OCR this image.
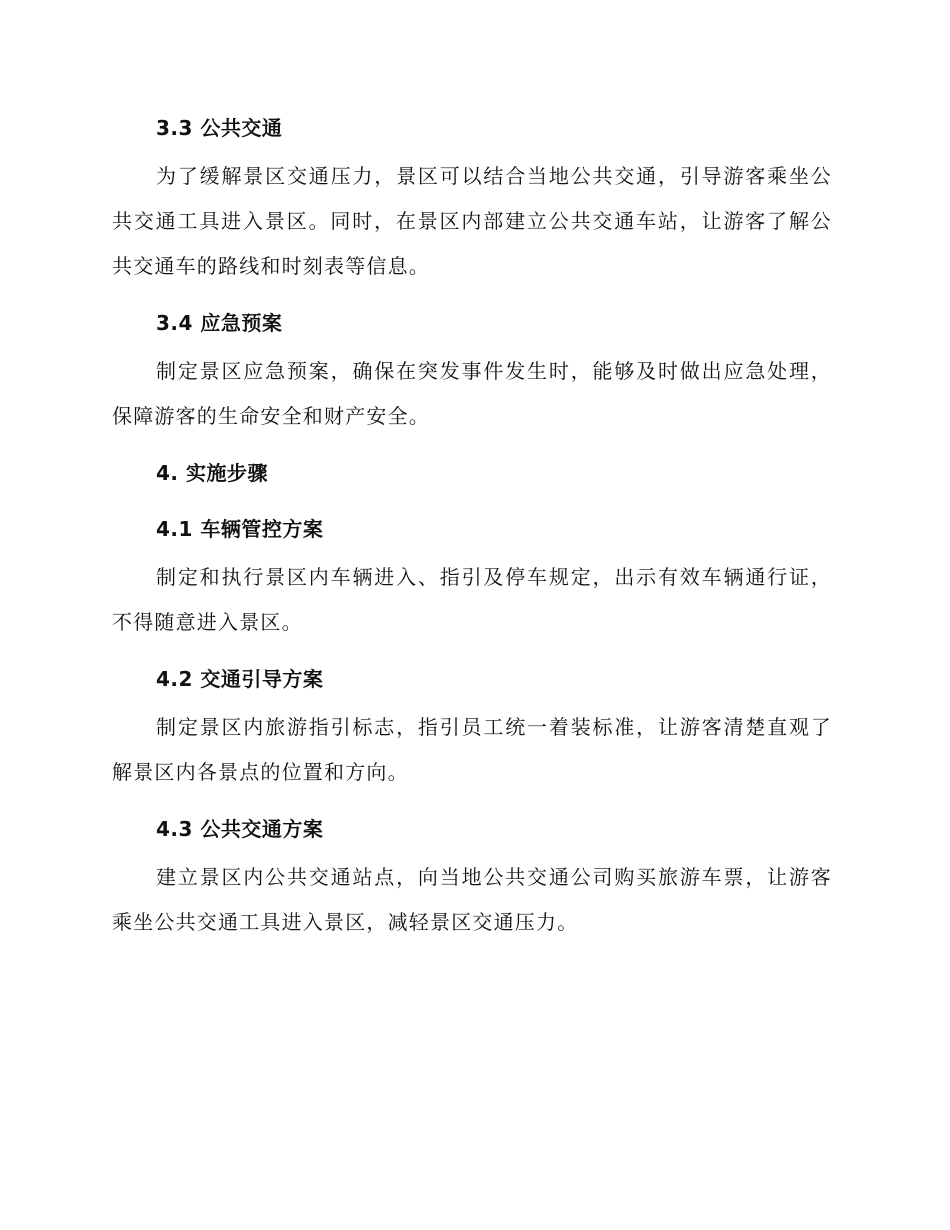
3.3 公共交通

为了缓解景区交通压力，景区可以结合当地公共交通，引导游客乘坐公共交通工具进入景区。同时，在景区内部建立公共交通车站，让游客了解公共交通车的路线和时刻表等信息。

3.4 应急预案

制定景区应急预案，确保在突发事件发生时，能够及时做出应急处理，保障游客的生命安全和财产安全。

4. 实施步骤
4.1 车辆管控方案

制定和执行景区内车辆进入、指引及停车规定，出示有效车辆通行证，不得随意进入景区。

4.2 交通引导方案

制定景区内旅游指引标志，指引员工统一着装标准，让游客清楚直观了解景区内各景点的位置和方向。

4.3 公共交通方案

建立景区内公共交通站点，向当地公共交通公司购买旅游车票，让游客乘坐公共交通工具进入景区，减轻景区交通压力。
